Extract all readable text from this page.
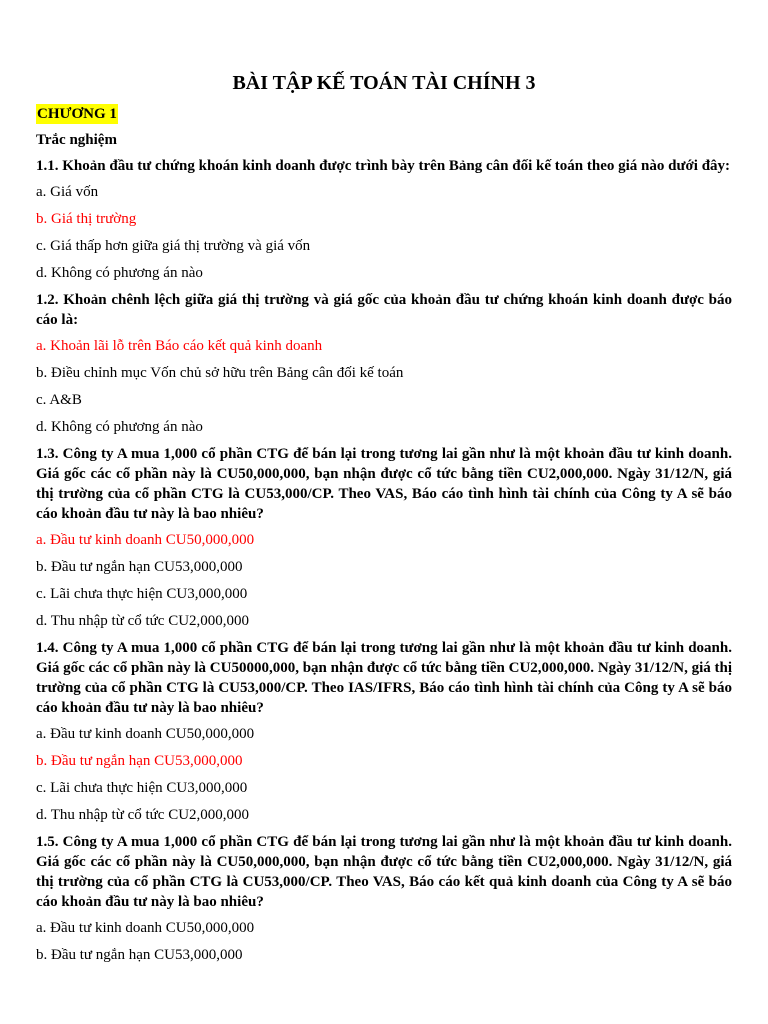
BÀI TẬP KẾ TOÁN TÀI CHÍNH 3
CHƯƠNG 1
Trắc nghiệm
1.1. Khoản đầu tư chứng khoán kinh doanh được trình bày trên Bảng cân đối kế toán theo giá nào dưới đây:
a. Giá vốn
b. Giá thị trường
c. Giá thấp hơn giữa giá thị trường và giá vốn
d. Không có phương án nào
1.2. Khoản chênh lệch giữa giá thị trường và giá gốc của khoản đầu tư chứng khoán kinh doanh được báo cáo là:
a. Khoản lãi lỗ trên Báo cáo kết quả kinh doanh
b. Điều chỉnh mục Vốn chủ sở hữu trên Bảng cân đối kế toán
c. A&B
d. Không có phương án nào
1.3. Công ty A mua 1,000 cổ phần CTG để bán lại trong tương lai gần như là một khoản đầu tư kinh doanh. Giá gốc các cổ phần này là CU50,000,000, bạn nhận được cổ tức bằng tiền CU2,000,000. Ngày 31/12/N, giá thị trường của cổ phần CTG là CU53,000/CP. Theo VAS, Báo cáo tình hình tài chính của Công ty A sẽ báo cáo khoản đầu tư này là bao nhiêu?
a. Đầu tư kinh doanh CU50,000,000
b. Đầu tư ngắn hạn CU53,000,000
c. Lãi chưa thực hiện CU3,000,000
d. Thu nhập từ cổ tức CU2,000,000
1.4. Công ty A mua 1,000 cổ phần CTG để bán lại trong tương lai gần như là một khoản đầu tư kinh doanh. Giá gốc các cổ phần này là CU50000,000, bạn nhận được cổ tức bằng tiền CU2,000,000. Ngày 31/12/N, giá thị trường của cổ phần CTG là CU53,000/CP. Theo IAS/IFRS, Báo cáo tình hình tài chính của Công ty A sẽ báo cáo khoản đầu tư này là bao nhiêu?
a. Đầu tư kinh doanh CU50,000,000
b. Đầu tư ngắn hạn CU53,000,000
c. Lãi chưa thực hiện CU3,000,000
d. Thu nhập từ cổ tức CU2,000,000
1.5. Công ty A mua 1,000 cổ phần CTG để bán lại trong tương lai gần như là một khoản đầu tư kinh doanh. Giá gốc các cổ phần này là CU50,000,000, bạn nhận được cổ tức bằng tiền CU2,000,000. Ngày 31/12/N, giá thị trường của cổ phần CTG là CU53,000/CP. Theo VAS, Báo cáo kết quả kinh doanh của Công ty A sẽ báo cáo khoản đầu tư này là bao nhiêu?
a. Đầu tư kinh doanh CU50,000,000
b. Đầu tư ngắn hạn CU53,000,000
